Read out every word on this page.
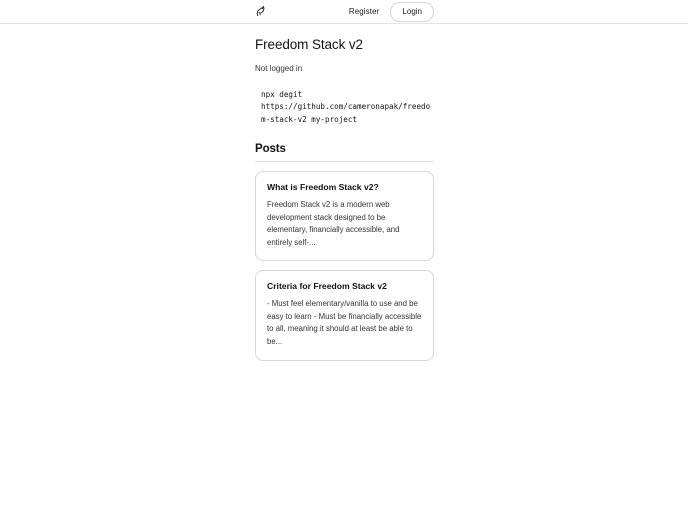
Register	Login
Freedom Stack v2

Not logged in

npx degit https://github.com/cameronapak/freedom-stack-v2 my-project
Posts
What is Freedom Stack v2?

Freedom Stack v2 is a modern web development stack designed to be elementary, financially accessible, and entirely self-...

Criteria for Freedom Stack v2

- Must feel elementary/vanilla to use and be easy to learn - Must be financially accessible to all, meaning it should at least be able to be...
